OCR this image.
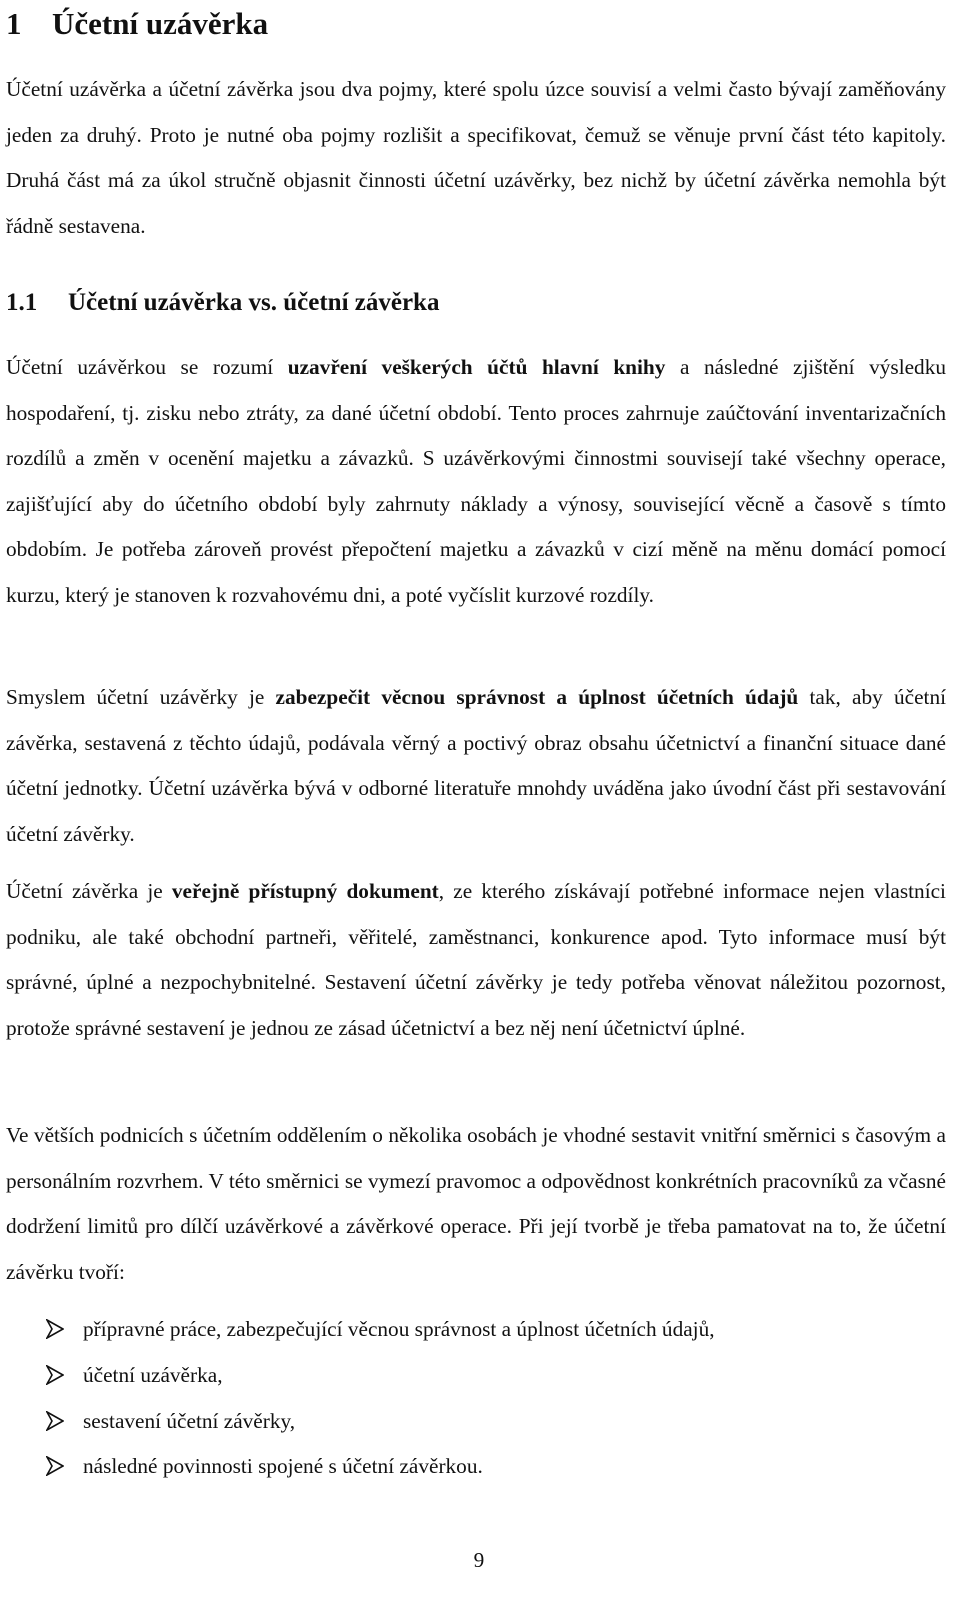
1 Účetní uzávěrka

Účetní uzávěrka a účetní závěrka jsou dva pojmy, které spolu úzce souvisí a velmi často bývají zaměňovány jeden za druhý. Proto je nutné oba pojmy rozlišit a specifikovat, čemuž se věnuje první část této kapitoly. Druhá část má za úkol stručně objasnit činnosti účetní uzávěrky, bez nichž by účetní závěrka nemohla být řádně sestavena.

1.1 Účetní uzávěrka vs. účetní závěrka

Účetní uzávěrkou se rozumí uzavření veškerých účtů hlavní knihy a následné zjištění výsledku hospodaření, tj. zisku nebo ztráty, za dané účetní období. Tento proces zahrnuje zaúčtování inventarizačních rozdílů a změn v ocenění majetku a závazků. S uzávěrkovými činnostmi souvisejí také všechny operace, zajišťující aby do účetního období byly zahrnuty náklady a výnosy, související věcně a časově s tímto obdobím. Je potřeba zároveň provést přepočtení majetku a závazků v cizí měně na měnu domácí pomocí kurzu, který je stanoven k rozvahovému dni, a poté vyčíslit kurzové rozdíly.

Smyslem účetní uzávěrky je zabezpečit věcnou správnost a úplnost účetních údajů tak, aby účetní závěrka, sestavená z těchto údajů, podávala věrný a poctivý obraz obsahu účetnictví a finanční situace dané účetní jednotky. Účetní uzávěrka bývá v odborné literatuře mnohdy uváděna jako úvodní část při sestavování účetní závěrky.

Účetní závěrka je veřejně přístupný dokument, ze kterého získávají potřebné informace nejen vlastníci podniku, ale také obchodní partneři, věřitelé, zaměstnanci, konkurence apod. Tyto informace musí být správné, úplné a nezpochybnitelné. Sestavení účetní závěrky je tedy potřeba věnovat náležitou pozornost, protože správné sestavení je jednou ze zásad účetnictví a bez něj není účetnictví úplné.

Ve větších podnicích s účetním oddělením o několika osobách je vhodné sestavit vnitřní směrnici s časovým a personálním rozvrhem. V této směrnici se vymezí pravomoc a odpovědnost konkrétních pracovníků za včasné dodržení limitů pro dílčí uzávěrkové a závěrkové operace. Při její tvorbě je třeba pamatovat na to, že účetní závěrku tvoří:

přípravné práce, zabezpečující věcnou správnost a úplnost účetních údajů,
účetní uzávěrka,
sestavení účetní závěrky,
následné povinnosti spojené s účetní závěrkou.
9
